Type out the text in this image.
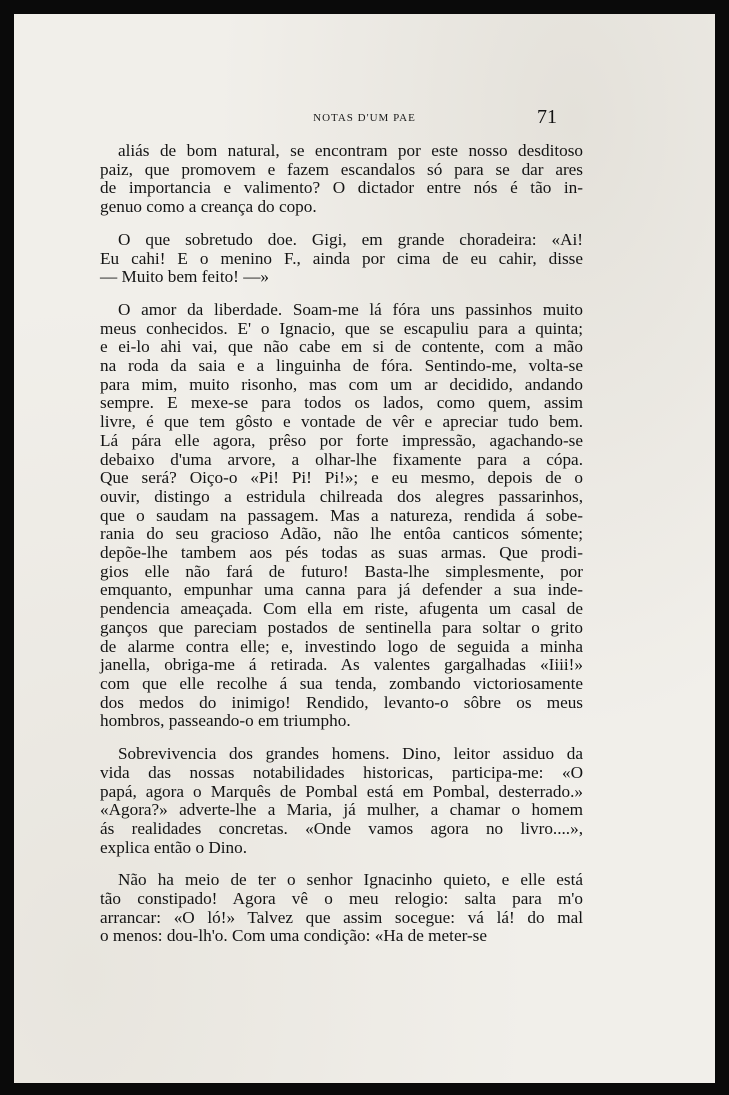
NOTAS D'UM PAE	71
aliás de bom natural, se encontram por este nosso desditoso
paiz, que promovem e fazem escandalos só para se dar ares
de importancia e valimento? O dictador entre nós é tão in-
genuo como a creança do copo.
O que sobretudo doe. Gigi, em grande choradeira: «Ai!
Eu cahi! E o menino F., ainda por cima de eu cahir, disse
— Muito bem feito! —»
O amor da liberdade. Soam-me lá fóra uns passinhos muito
meus conhecidos. E' o Ignacio, que se escapuliu para a quinta;
e ei-lo ahi vai, que não cabe em si de contente, com a mão
na roda da saia e a linguinha de fóra. Sentindo-me, volta-se
para mim, muito risonho, mas com um ar decidido, andando
sempre. E mexe-se para todos os lados, como quem, assim
livre, é que tem gôsto e vontade de vêr e apreciar tudo bem.
Lá pára elle agora, prêso por forte impressão, agachando-se
debaixo d'uma arvore, a olhar-lhe fixamente para a cópa.
Que será? Oiço-o «Pi! Pi! Pi!»; e eu mesmo, depois de o
ouvir, distingo a estridula chilreada dos alegres passarinhos,
que o saudam na passagem. Mas a natureza, rendida á sobe-
rania do seu gracioso Adão, não lhe entôa canticos sómente;
depõe-lhe tambem aos pés todas as suas armas. Que prodi-
gios elle não fará de futuro! Basta-lhe simplesmente, por
emquanto, empunhar uma canna para já defender a sua inde-
pendencia ameaçada. Com ella em riste, afugenta um casal de
ganços que pareciam postados de sentinella para soltar o grito
de alarme contra elle; e, investindo logo de seguida a minha
janella, obriga-me á retirada. As valentes gargalhadas «Iiii!»
com que elle recolhe á sua tenda, zombando victoriosamente
dos medos do inimigo! Rendido, levanto-o sôbre os meus
hombros, passeando-o em triumpho.
Sobrevivencia dos grandes homens. Dino, leitor assiduo da
vida das nossas notabilidades historicas, participa-me: «O
papá, agora o Marquês de Pombal está em Pombal, desterrado.»
«Agora?» adverte-lhe a Maria, já mulher, a chamar o homem
ás realidades concretas. «Onde vamos agora no livro....»,
explica então o Dino.
Não ha meio de ter o senhor Ignacinho quieto, e elle está
tão constipado! Agora vê o meu relogio: salta para m'o
arrancar: «O ló!» Talvez que assim socegue: vá lá! do mal
o menos: dou-lh'o. Com uma condição: «Ha de meter-se
